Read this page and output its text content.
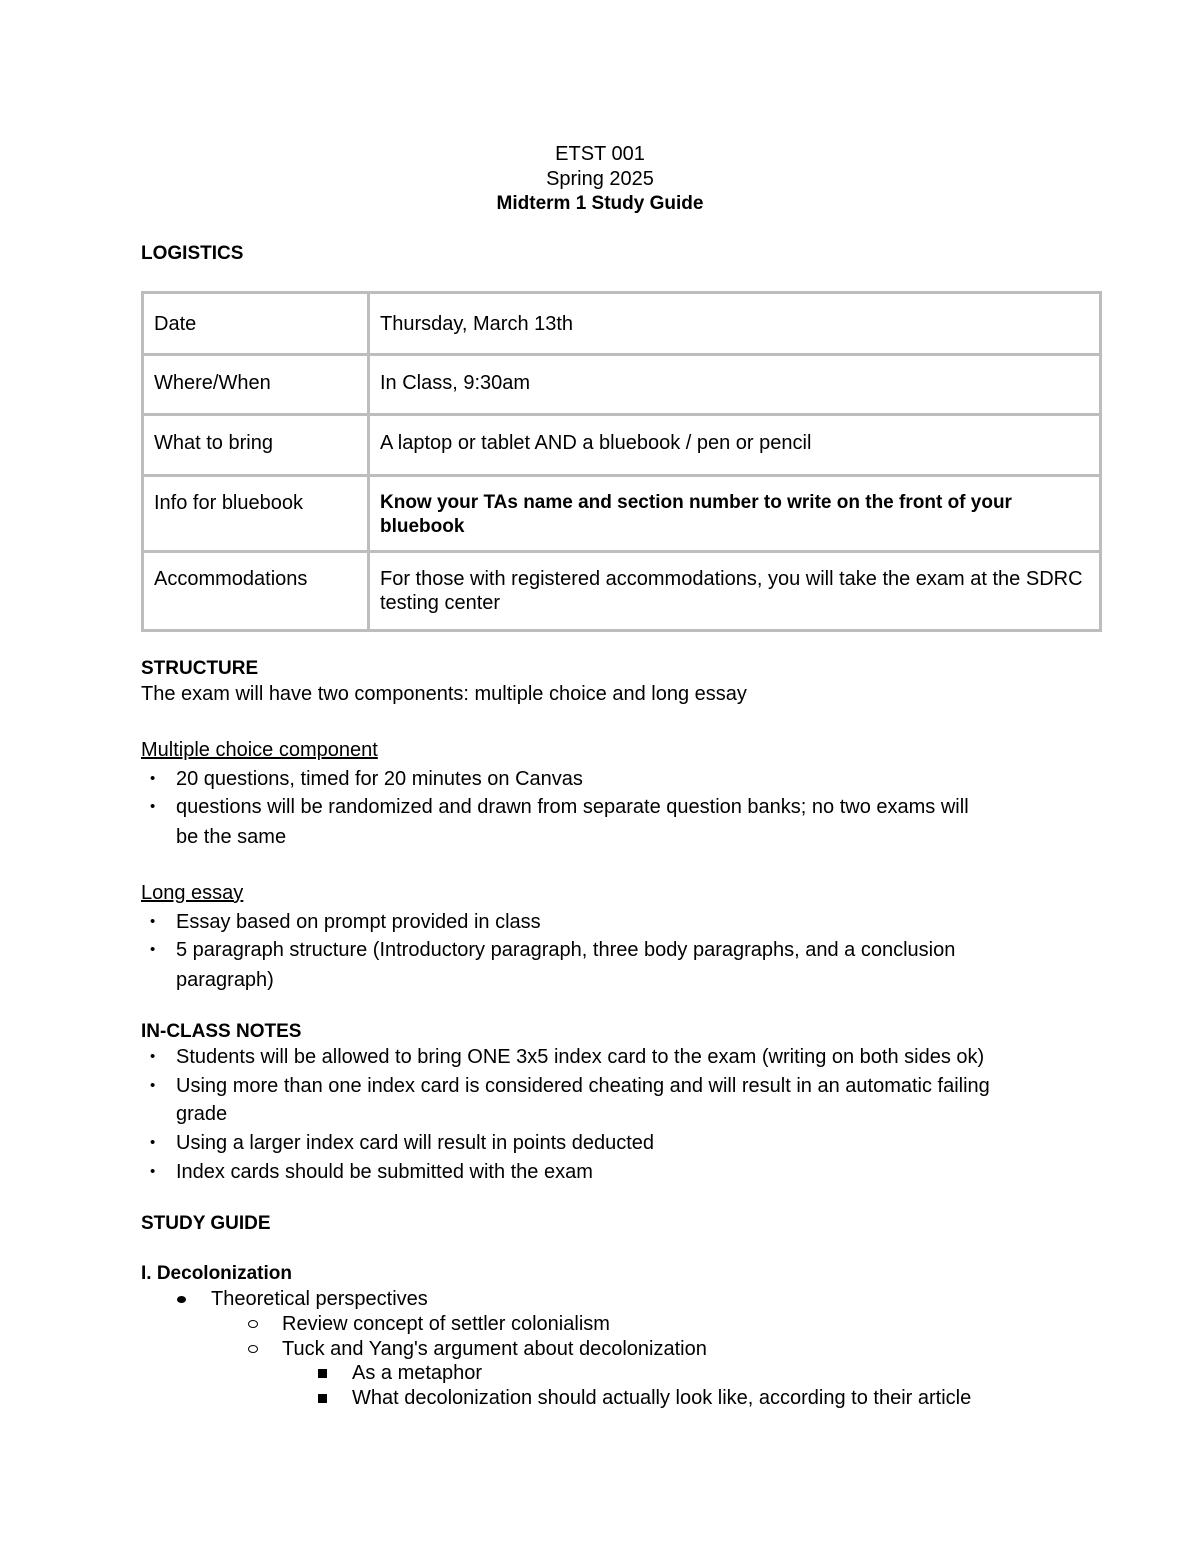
ETST 001
Spring 2025
Midterm 1 Study Guide
LOGISTICS
Date	Thursday, March 13th
Where/When	In Class, 9:30am
What to bring	A laptop or tablet AND a bluebook / pen or pencil
Info for bluebook	Know your TAs name and section number to write on the front of your bluebook
Accommodations	For those with registered accommodations, you will take the exam at the SDRC testing center
STRUCTURE
The exam will have two components: multiple choice and long essay
Multiple choice component
• 20 questions, timed for 20 minutes on Canvas
• questions will be randomized and drawn from separate question banks; no two exams will
be the same
Long essay
• Essay based on prompt provided in class
• 5 paragraph structure (Introductory paragraph, three body paragraphs, and a conclusion
paragraph)
IN-CLASS NOTES
• Students will be allowed to bring ONE 3x5 index card to the exam (writing on both sides ok)
• Using more than one index card is considered cheating and will result in an automatic failing
grade
• Using a larger index card will result in points deducted
• Index cards should be submitted with the exam
STUDY GUIDE
I. Decolonization
Theoretical perspectives
Review concept of settler colonialism
Tuck and Yang's argument about decolonization
As a metaphor
What decolonization should actually look like, according to their article
